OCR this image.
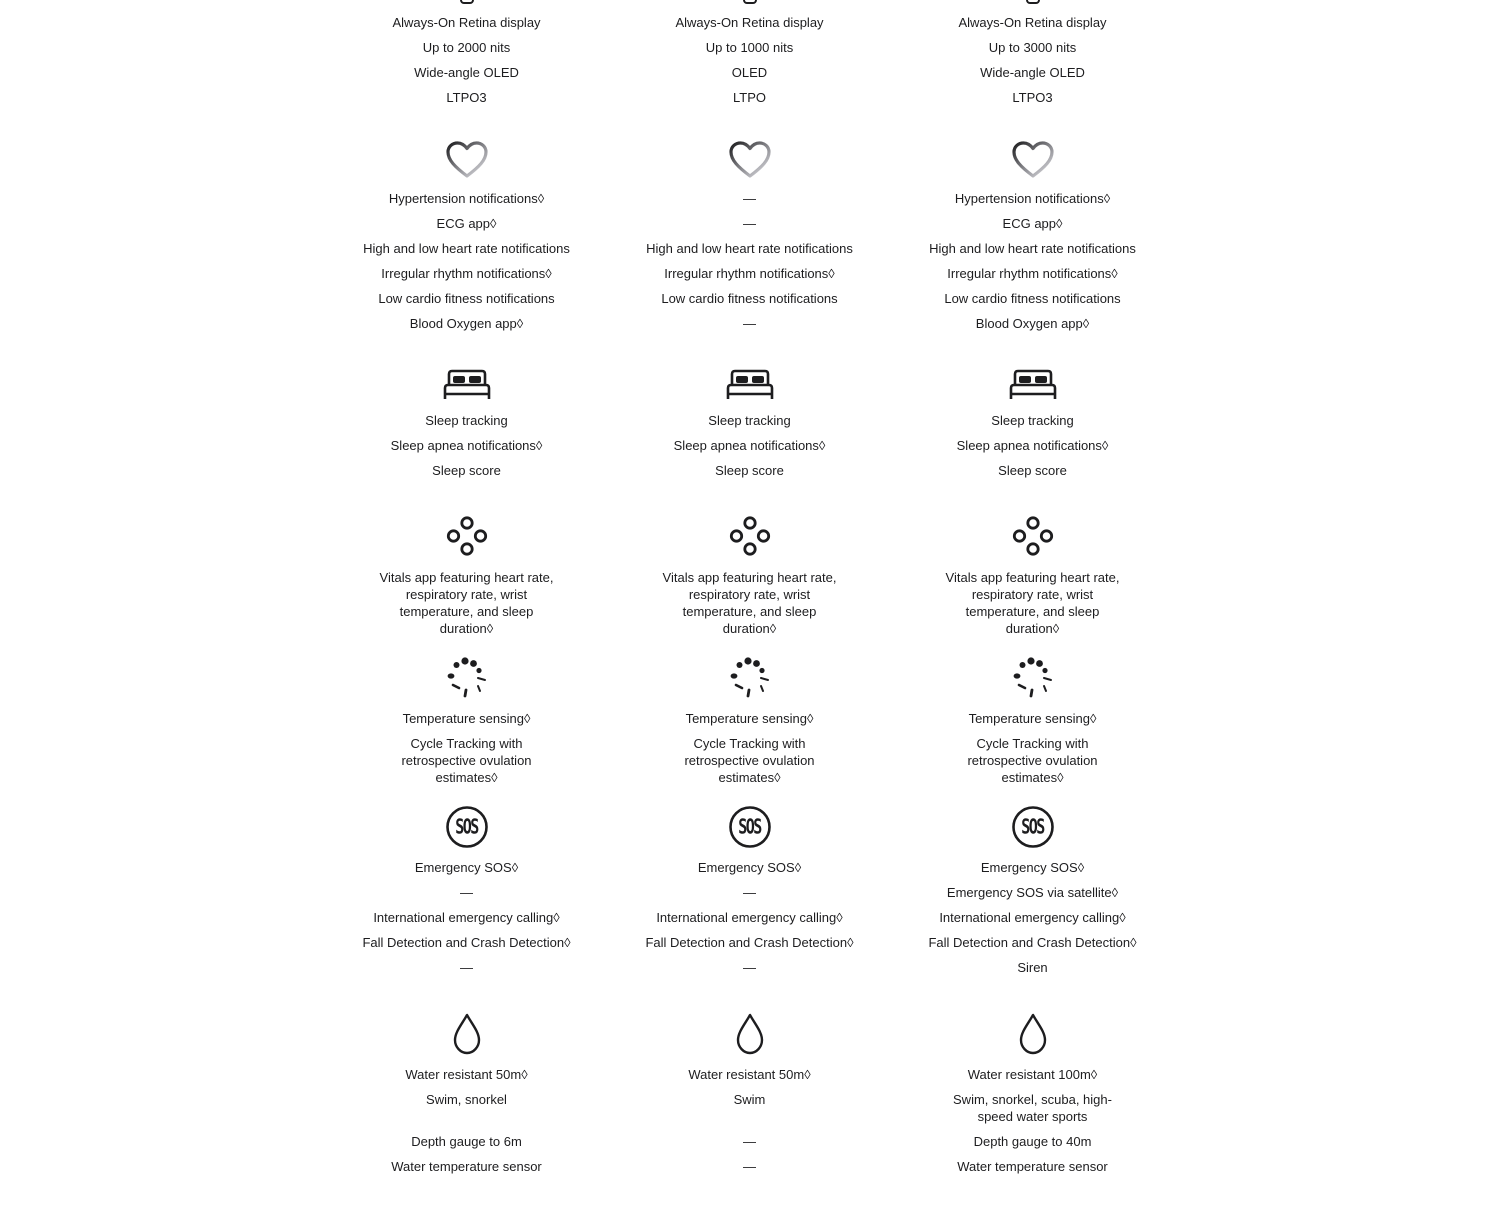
Always-On Retina display
Up to 2000 nits
Wide-angle OLED
LTPO3
Hypertension notifications◊
ECG app◊
High and low heart rate notifications
Irregular rhythm notifications◊
Low cardio fitness notifications
Blood Oxygen app◊
Sleep tracking
Sleep apnea notifications◊
Sleep score
Vitals app featuring heart rate, respiratory rate, wrist temperature, and sleep duration◊
Temperature sensing◊
Cycle Tracking with retrospective ovulation estimates◊
SOS
Emergency SOS◊
—
International emergency calling◊
Fall Detection and Crash Detection◊
—
Water resistant 50m◊
Swim, snorkel
Depth gauge to 6m
Water temperature sensor
Always-On Retina display
Up to 1000 nits
OLED
LTPO
—
—
High and low heart rate notifications
Irregular rhythm notifications◊
Low cardio fitness notifications
—
Sleep tracking
Sleep apnea notifications◊
Sleep score
Vitals app featuring heart rate, respiratory rate, wrist temperature, and sleep duration◊
Temperature sensing◊
Cycle Tracking with retrospective ovulation estimates◊
SOS
Emergency SOS◊
—
International emergency calling◊
Fall Detection and Crash Detection◊
—
Water resistant 50m◊
Swim
—
—
Always-On Retina display
Up to 3000 nits
Wide-angle OLED
LTPO3
Hypertension notifications◊
ECG app◊
High and low heart rate notifications
Irregular rhythm notifications◊
Low cardio fitness notifications
Blood Oxygen app◊
Sleep tracking
Sleep apnea notifications◊
Sleep score
Vitals app featuring heart rate, respiratory rate, wrist temperature, and sleep duration◊
Temperature sensing◊
Cycle Tracking with retrospective ovulation estimates◊
SOS
Emergency SOS◊
Emergency SOS via satellite◊
International emergency calling◊
Fall Detection and Crash Detection◊
Siren
Water resistant 100m◊
Swim, snorkel, scuba, high-speed water sports
Depth gauge to 40m
Water temperature sensor
